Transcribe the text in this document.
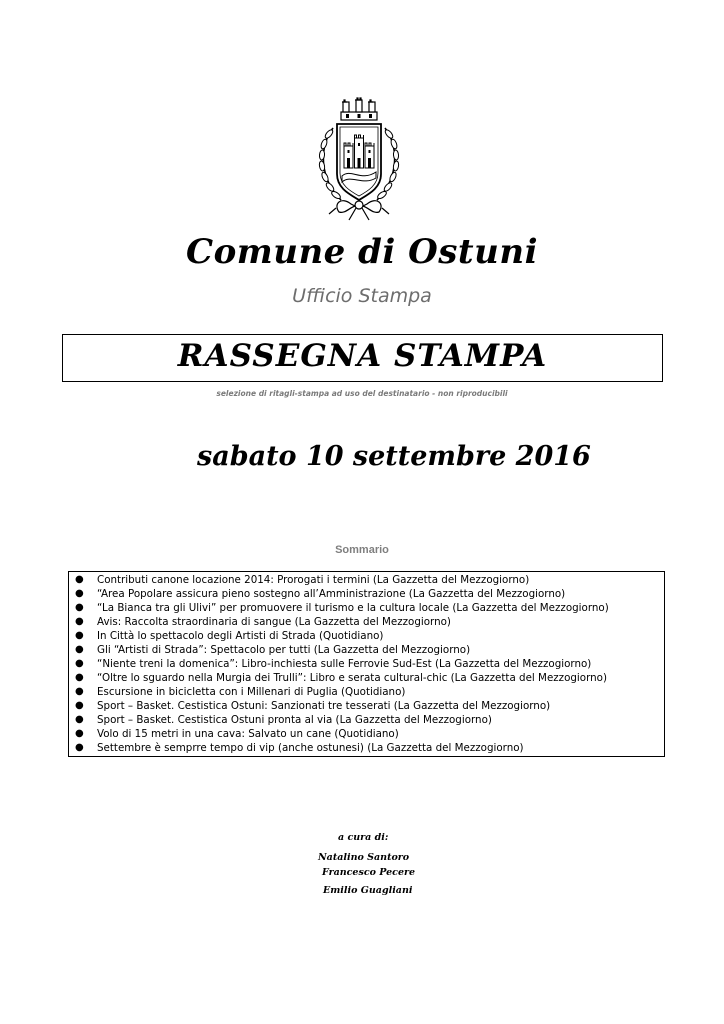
Comune di Ostuni
Ufficio Stampa
RASSEGNA STAMPA
selezione di ritagli-stampa ad uso del destinatario - non riproducibili
sabato 10 settembre 2016
Sommario
● Contributi canone locazione 2014: Prorogati i termini (La Gazzetta del Mezzogiorno)
● “Area Popolare assicura pieno sostegno all’Amministrazione (La Gazzetta del Mezzogiorno)
● “La Bianca tra gli Ulivi” per promuovere il turismo e la cultura locale (La Gazzetta del Mezzogiorno)
● Avis: Raccolta straordinaria di sangue (La Gazzetta del Mezzogiorno)
● In Città lo spettacolo degli Artisti di Strada (Quotidiano)
● Gli “Artisti di Strada”: Spettacolo per tutti (La Gazzetta del Mezzogiorno)
● “Niente treni la domenica”: Libro-inchiesta sulle Ferrovie Sud-Est (La Gazzetta del Mezzogiorno)
● “Oltre lo sguardo nella Murgia dei Trulli”: Libro e serata cultural-chic (La Gazzetta del Mezzogiorno)
● Escursione in bicicletta con i Millenari di Puglia (Quotidiano)
● Sport – Basket. Cestistica Ostuni: Sanzionati tre tesserati (La Gazzetta del Mezzogiorno)
● Sport – Basket. Cestistica Ostuni pronta al via (La Gazzetta del Mezzogiorno)
● Volo di 15 metri in una cava: Salvato un cane (Quotidiano)
● Settembre è semprre tempo di vip (anche ostunesi) (La Gazzetta del Mezzogiorno)
a cura di:
Natalino Santoro
Francesco Pecere
Emilio Guagliani
